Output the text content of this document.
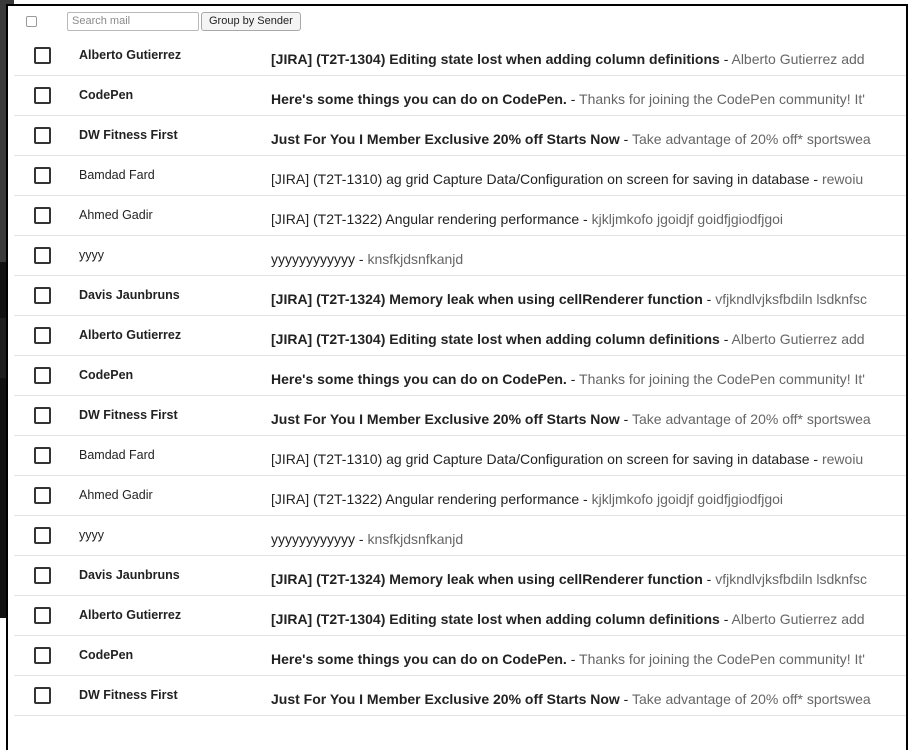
Search mail
Group by Sender
Alberto Gutierrez	[JIRA] (T2T-1304) Editing state lost when adding column definitions - Alberto Gutierrez add
CodePen	Here's some things you can do on CodePen. - Thanks for joining the CodePen community! It'
DW Fitness First	Just For You I Member Exclusive 20% off Starts Now - Take advantage of 20% off* sportswea
Bamdad Fard	[JIRA] (T2T-1310) ag grid Capture Data/Configuration on screen for saving in database - rewoiu
Ahmed Gadir	[JIRA] (T2T-1322) Angular rendering performance - kjkljmkofo jgoidjf goidfjgiodfjgoi
yyyy	yyyyyyyyyyyy - knsfkjdsnfkanjd
Davis Jaunbruns	[JIRA] (T2T-1324) Memory leak when using cellRenderer function - vfjkndlvjksfbdiln lsdknfsc
Alberto Gutierrez	[JIRA] (T2T-1304) Editing state lost when adding column definitions - Alberto Gutierrez add
CodePen	Here's some things you can do on CodePen. - Thanks for joining the CodePen community! It'
DW Fitness First	Just For You I Member Exclusive 20% off Starts Now - Take advantage of 20% off* sportswea
Bamdad Fard	[JIRA] (T2T-1310) ag grid Capture Data/Configuration on screen for saving in database - rewoiu
Ahmed Gadir	[JIRA] (T2T-1322) Angular rendering performance - kjkljmkofo jgoidjf goidfjgiodfjgoi
yyyy	yyyyyyyyyyyy - knsfkjdsnfkanjd
Davis Jaunbruns	[JIRA] (T2T-1324) Memory leak when using cellRenderer function - vfjkndlvjksfbdiln lsdknfsc
Alberto Gutierrez	[JIRA] (T2T-1304) Editing state lost when adding column definitions - Alberto Gutierrez add
CodePen	Here's some things you can do on CodePen. - Thanks for joining the CodePen community! It'
DW Fitness First	Just For You I Member Exclusive 20% off Starts Now - Take advantage of 20% off* sportswea
